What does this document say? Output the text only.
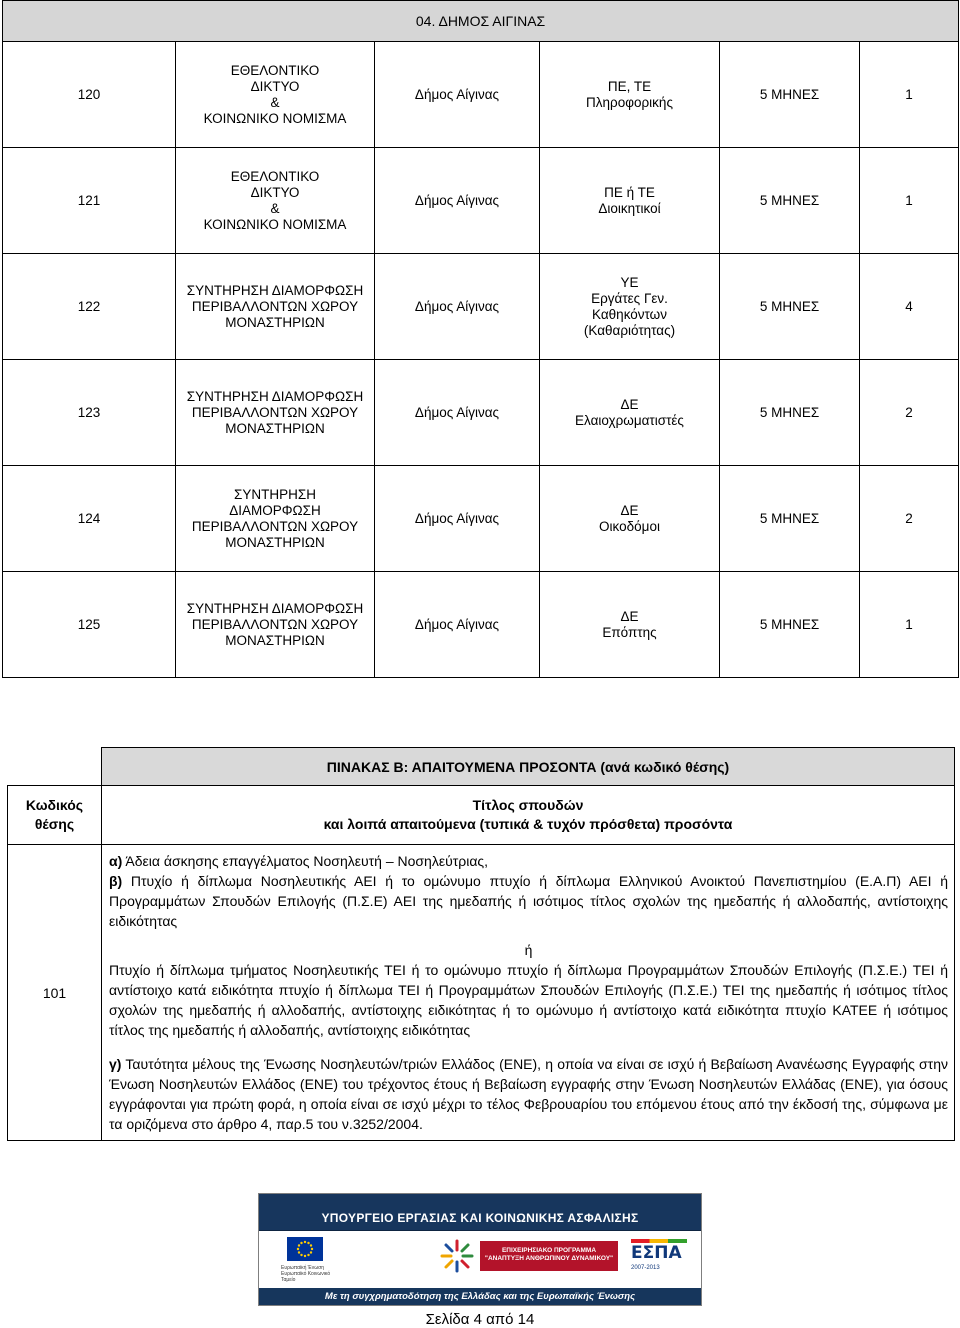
04. ΔΗΜΟΣ ΑΙΓΙΝΑΣ					
120	ΕΘΕΛΟΝΤΙΚΟ
ΔΙΚΤΥΟ
&
ΚΟΙΝΩΝΙΚΟ ΝΟΜΙΣΜΑ	Δήμος Αίγινας	ΠΕ, ΤΕ
Πληροφορικής	5 ΜΗΝΕΣ	1
121	ΕΘΕΛΟΝΤΙΚΟ
ΔΙΚΤΥΟ
&
ΚΟΙΝΩΝΙΚΟ ΝΟΜΙΣΜΑ	Δήμος Αίγινας	ΠΕ ή ΤΕ
Διοικητικοί	5 ΜΗΝΕΣ	1
122	ΣΥΝΤΗΡΗΣΗ ΔΙΑΜΟΡΦΩΣΗ
ΠΕΡΙΒΑΛΛΟΝΤΩΝ ΧΩΡΟΥ
ΜΟΝΑΣΤΗΡΙΩΝ	Δήμος Αίγινας	ΥΕ
Εργάτες Γεν.
Καθηκόντων
(Καθαριότητας)	5 ΜΗΝΕΣ	4
123	ΣΥΝΤΗΡΗΣΗ ΔΙΑΜΟΡΦΩΣΗ
ΠΕΡΙΒΑΛΛΟΝΤΩΝ ΧΩΡΟΥ
ΜΟΝΑΣΤΗΡΙΩΝ	Δήμος Αίγινας	ΔΕ
Ελαιοχρωματιστές	5 ΜΗΝΕΣ	2
124	ΣΥΝΤΗΡΗΣΗ
ΔΙΑΜΟΡΦΩΣΗ
ΠΕΡΙΒΑΛΛΟΝΤΩΝ ΧΩΡΟΥ
ΜΟΝΑΣΤΗΡΙΩΝ	Δήμος Αίγινας	ΔΕ
Οικοδόμοι	5 ΜΗΝΕΣ	2
125	ΣΥΝΤΗΡΗΣΗ ΔΙΑΜΟΡΦΩΣΗ
ΠΕΡΙΒΑΛΛΟΝΤΩΝ ΧΩΡΟΥ
ΜΟΝΑΣΤΗΡΙΩΝ	Δήμος Αίγινας	ΔΕ
Επόπτης	5 ΜΗΝΕΣ	1
	ΠΙΝΑΚΑΣ Β: ΑΠΑΙΤΟΥΜΕΝΑ ΠΡΟΣΟΝΤΑ (ανά κωδικό θέσης)
Κωδικός
θέσης	Τίτλος σπουδών
και λοιπά απαιτούμενα (τυπικά & τυχόν πρόσθετα) προσόντα
101	α) Άδεια άσκησης επαγγέλματος Νοσηλευτή – Νοσηλεύτριας,

β) Πτυχίο ή δίπλωμα Νοσηλευτικής ΑΕΙ ή το ομώνυμο πτυχίο ή δίπλωμα Ελληνικού Ανοικτού Πανεπιστημίου (Ε.Α.Π) ΑΕΙ ή Προγραμμάτων Σπουδών Επιλογής (Π.Σ.Ε) ΑΕΙ της ημεδαπής ή ισότιμος τίτλος σχολών της ημεδαπής ή αλλοδαπής, αντίστοιχης ειδικότητας

ή

Πτυχίο ή δίπλωμα τμήματος Νοσηλευτικής ΤΕΙ ή το ομώνυμο πτυχίο ή δίπλωμα Προγραμμάτων Σπουδών Επιλογής (Π.Σ.Ε.) ΤΕΙ ή αντίστοιχο κατά ειδικότητα πτυχίο ή δίπλωμα ΤΕΙ ή Προγραμμάτων Σπουδών Επιλογής (Π.Σ.Ε.) ΤΕΙ της ημεδαπής ή ισότιμος τίτλος σχολών της ημεδαπής ή αλλοδαπής, αντίστοιχης ειδικότητας ή το ομώνυμο ή αντίστοιχο κατά ειδικότητα πτυχίο ΚΑΤΕΕ ή ισότιμος τίτλος της ημεδαπής ή αλλοδαπής, αντίστοιχης ειδικότητας

γ) Ταυτότητα μέλους της Ένωσης Νοσηλευτών/τριών Ελλάδος (ΕΝΕ), η οποία να είναι σε ισχύ ή Βεβαίωση Ανανέωσης Εγγραφής στην Ένωση Νοσηλευτών Ελλάδος (ΕΝΕ) του τρέχοντος έτους ή Βεβαίωση εγγραφής στην Ένωση Νοσηλευτών Ελλάδας (ΕΝΕ), για όσους εγγράφονται για πρώτη φορά, η οποία είναι σε ισχύ μέχρι το τέλος Φεβρουαρίου του επόμενου έτους από την έκδοσή της, σύμφωνα με τα οριζόμενα στο άρθρο 4, παρ.5 του ν.3252/2004.

ΥΠΟΥΡΓΕΙΟ ΕΡΓΑΣΙΑΣ ΚΑΙ ΚΟΙΝΩΝΙΚΗΣ ΑΣΦΑΛΙΣΗΣ
Ευρωπαϊκή Ένωση
Ευρωπαϊκό Κοινωνικό Ταμείο
ΕΠΙΧΕΙΡΗΣΙΑΚΟ ΠΡΟΓΡΑΜΜΑ
"ΑΝΑΠΤΥΞΗ ΑΝΘΡΩΠΙΝΟΥ ΔΥΝΑΜΙΚΟΥ" ΕΣΠΑ
2007-2013
Με τη συγχρηματοδότηση της Ελλάδας και της Ευρωπαϊκής Ένωσης
Σελίδα 4 από 14
